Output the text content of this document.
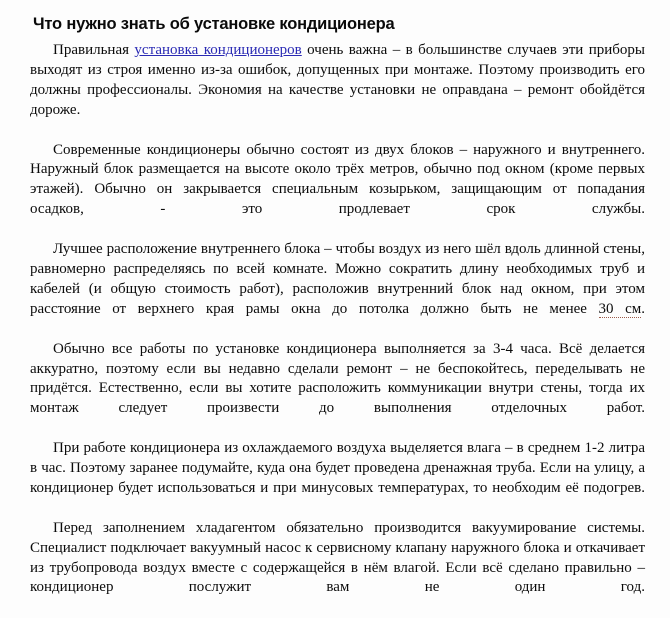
Что нужно знать об установке кондиционера

Правильная установка кондиционеров очень важна – в большинстве случаев эти приборы выходят из строя именно из-за ошибок, допущенных при монтаже. Поэтому производить его должны профессионалы. Экономия на качестве установки не оправдана – ремонт обойдётся дороже.

Современные кондиционеры обычно состоят из двух блоков – наружного и внутреннего. Наружный блок размещается на высоте около трёх метров, обычно под окном (кроме первых этажей). Обычно он закрывается специальным козырьком, защищающим от попадания осадков, - это продлевает срок службы.

Лучшее расположение внутреннего блока – чтобы воздух из него шёл вдоль длинной стены, равномерно распределяясь по всей комнате. Можно сократить длину необходимых труб и кабелей (и общую стоимость работ), расположив внутренний блок над окном, при этом расстояние от верхнего края рамы окна до потолка должно быть не менее 30 см.

Обычно все работы по установке кондиционера выполняется за 3-4 часа. Всё делается аккуратно, поэтому если вы недавно сделали ремонт – не беспокойтесь, переделывать не придётся. Естественно, если вы хотите расположить коммуникации внутри стены, тогда их монтаж следует произвести до выполнения отделочных работ.

При работе кондиционера из охлаждаемого воздуха выделяется влага – в среднем 1-2 литра в час. Поэтому заранее подумайте, куда она будет проведена дренажная труба. Если на улицу, а кондиционер будет использоваться и при минусовых температурах, то необходим её подогрев.

Перед заполнением хладагентом обязательно производится вакуумирование системы. Специалист подключает вакуумный насос к сервисному клапану наружного блока и откачивает из трубопровода воздух вместе с содержащейся в нём влагой. Если всё сделано правильно – кондиционер послужит вам не один год.
